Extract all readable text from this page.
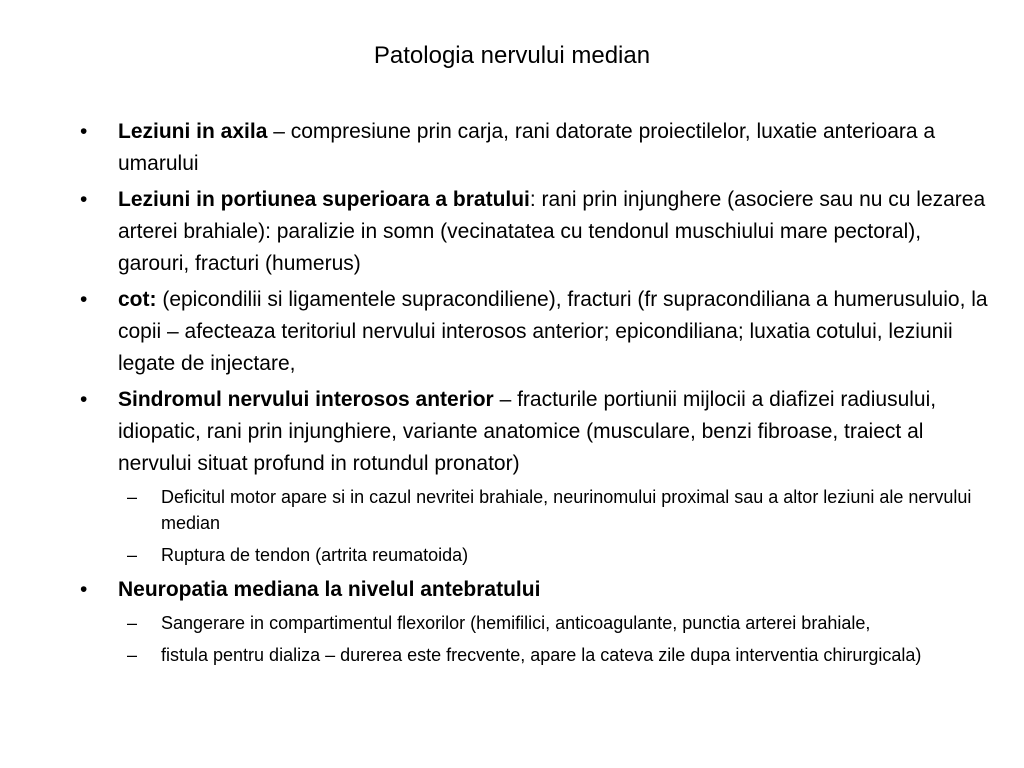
Patologia nervului median
•	Leziuni in axila – compresiune prin carja, rani datorate proiectilelor, luxatie anterioara a umarului
•	Leziuni in portiunea superioara a bratului: rani prin injunghere (asociere sau nu cu lezarea arterei brahiale): paralizie in somn (vecinatatea cu tendonul muschiului mare pectoral), garouri, fracturi (humerus)
•	cot: (epicondilii si ligamentele supracondiliene), fracturi (fr supracondiliana a humerusuluio, la copii – afecteaza teritoriul nervului interosos anterior; epicondiliana; luxatia cotului, leziunii legate de injectare,
•	Sindromul nervului interosos anterior – fracturile portiunii mijlocii a diafizei radiusului, idiopatic, rani prin injunghiere, variante anatomice (musculare, benzi fibroase, traiect al nervului situat profund in rotundul pronator)
–	Deficitul motor apare si in cazul nevritei brahiale, neurinomului proximal sau a altor leziuni ale nervului median
–	Ruptura de tendon (artrita reumatoida)
•	Neuropatia mediana la nivelul antebratului
–	Sangerare in compartimentul flexorilor (hemifilici, anticoagulante, punctia arterei brahiale,
–	fistula pentru dializa – durerea este frecvente, apare la cateva zile dupa interventia chirurgicala)
